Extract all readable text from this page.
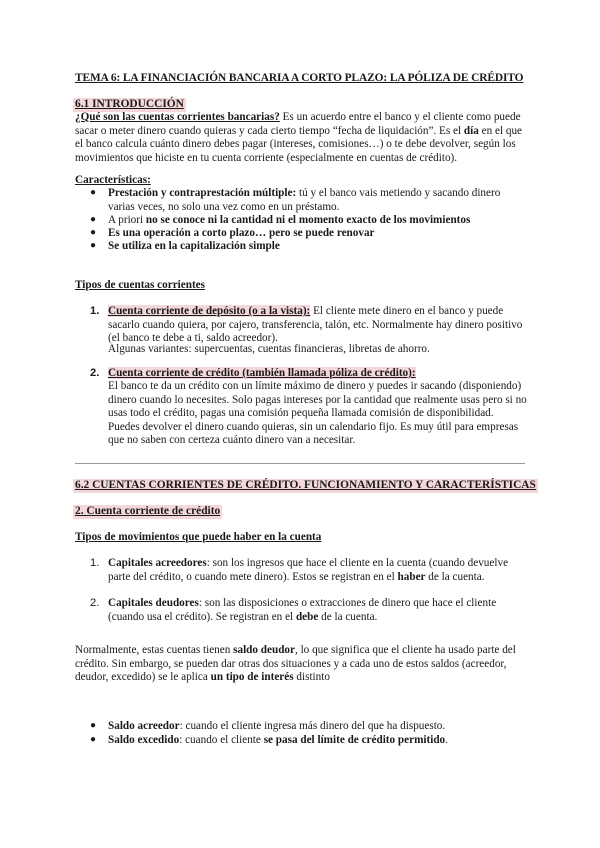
TEMA 6: LA FINANCIACIÓN BANCARIA A CORTO PLAZO: LA PÓLIZA DE CRÉDITO
6.1 INTRODUCCIÓN
¿Qué son las cuentas corrientes bancarias? Es un acuerdo entre el banco y el cliente como puede sacar o meter dinero cuando quieras y cada cierto tiempo “fecha de liquidación”. Es el día en el que el banco calcula cuánto dinero debes pagar (intereses, comisiones…) o te debe devolver, según los movimientos que hiciste en tu cuenta corriente (especialmente en cuentas de crédito).
Características:
● Prestación y contraprestación múltiple: tú y el banco vais metiendo y sacando dinero varias veces, no solo una vez como en un préstamo.
● A priori no se conoce ni la cantidad ni el momento exacto de los movimientos
● Es una operación a corto plazo… pero se puede renovar
● Se utiliza en la capitalización simple
Tipos de cuentas corrientes
1. Cuenta corriente de depósito (o a la vista): El cliente mete dinero en el banco y puede sacarlo cuando quiera, por cajero, transferencia, talón, etc. Normalmente hay dinero positivo (el banco te debe a ti, saldo acreedor).
Algunas variantes: supercuentas, cuentas financieras, libretas de ahorro.
2. Cuenta corriente de crédito (también llamada póliza de crédito):
El banco te da un crédito con un límite máximo de dinero y puedes ir sacando (disponiendo) dinero cuando lo necesites. Solo pagas intereses por la cantidad que realmente usas pero si no usas todo el crédito, pagas una comisión pequeña llamada comisión de disponibilidad. Puedes devolver el dinero cuando quieras, sin un calendario fijo. Es muy útil para empresas que no saben con certeza cuánto dinero van a necesitar.
6.2 CUENTAS CORRIENTES DE CRÉDITO. FUNCIONAMIENTO Y CARACTERÍSTICAS
2. Cuenta corriente de crédito
Tipos de movimientos que puede haber en la cuenta
1. Capitales acreedores: son los ingresos que hace el cliente en la cuenta (cuando devuelve parte del crédito, o cuando mete dinero). Estos se registran en el haber de la cuenta.
2. Capitales deudores: son las disposiciones o extracciones de dinero que hace el cliente (cuando usa el crédito). Se registran en el debe de la cuenta.
Normalmente, estas cuentas tienen saldo deudor, lo que significa que el cliente ha usado parte del crédito. Sin embargo, se pueden dar otras dos situaciones y a cada uno de estos saldos (acreedor, deudor, excedido) se le aplica un tipo de interés distinto
● Saldo acreedor: cuando el cliente ingresa más dinero del que ha dispuesto.
● Saldo excedido: cuando el cliente se pasa del límite de crédito permitido.
